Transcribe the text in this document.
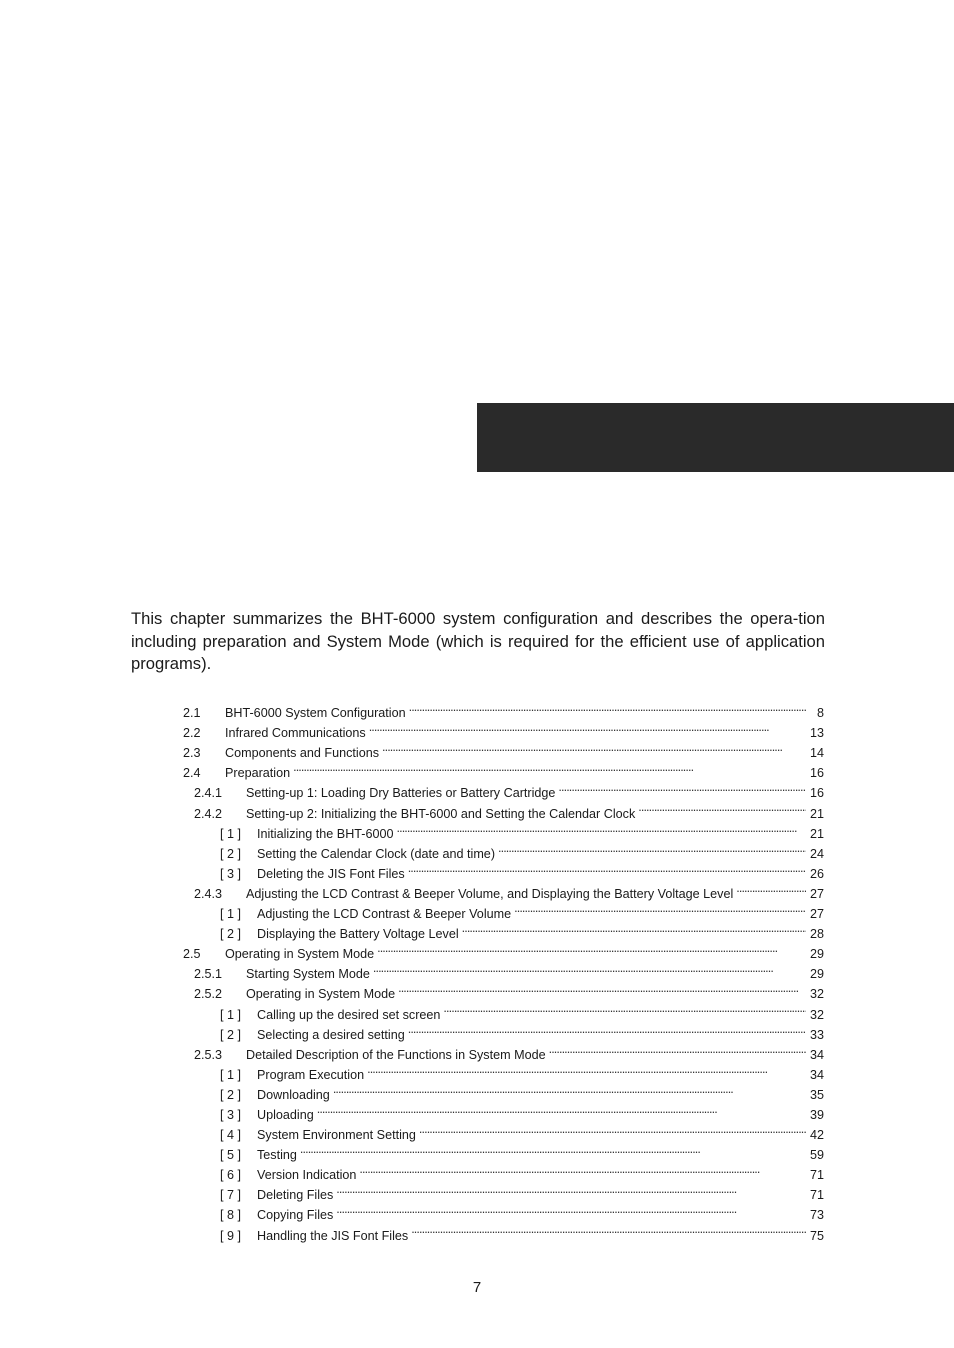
This chapter summarizes the BHT-6000 system configuration and describes the opera-tion including preparation and System Mode (which is required for the efficient use of application programs).

2.1	BHT-6000 System Configuration . . .	8
2.2	Infrared Communications . . .	13
2.3	Components and Functions . . .	14
2.4	Preparation . . .	16
2.4.1	Setting-up 1: Loading Dry Batteries or Battery Cartridge . . .	16
2.4.2	Setting-up 2: Initializing the BHT-6000 and Setting the Calendar Clock . . .	21
[ 1 ]	Initializing the BHT-6000 . . .	21
[ 2 ]	Setting the Calendar Clock (date and time) . . .	24
[ 3 ]	Deleting the JIS Font Files . . .	26
2.4.3	Adjusting the LCD Contrast & Beeper Volume, and Displaying the Battery Voltage Level . . .	27
[ 1 ]	Adjusting the LCD Contrast & Beeper Volume . . .	27
[ 2 ]	Displaying the Battery Voltage Level . . .	28
2.5	Operating in System Mode . . .	29
2.5.1	Starting System Mode . . .	29
2.5.2	Operating in System Mode . . .	32
[ 1 ]	Calling up the desired set screen . . .	32
[ 2 ]	Selecting a desired setting . . .	33
2.5.3	Detailed Description of the Functions in System Mode . . .	34
[ 1 ]	Program Execution . . .	34
[ 2 ]	Downloading . . .	35
[ 3 ]	Uploading . . .	39
[ 4 ]	System Environment Setting . . .	42
[ 5 ]	Testing . . .	59
[ 6 ]	Version Indication . . .	71
[ 7 ]	Deleting Files . . .	71
[ 8 ]	Copying Files . . .	73
[ 9 ]	Handling the JIS Font Files . . .	75
7
